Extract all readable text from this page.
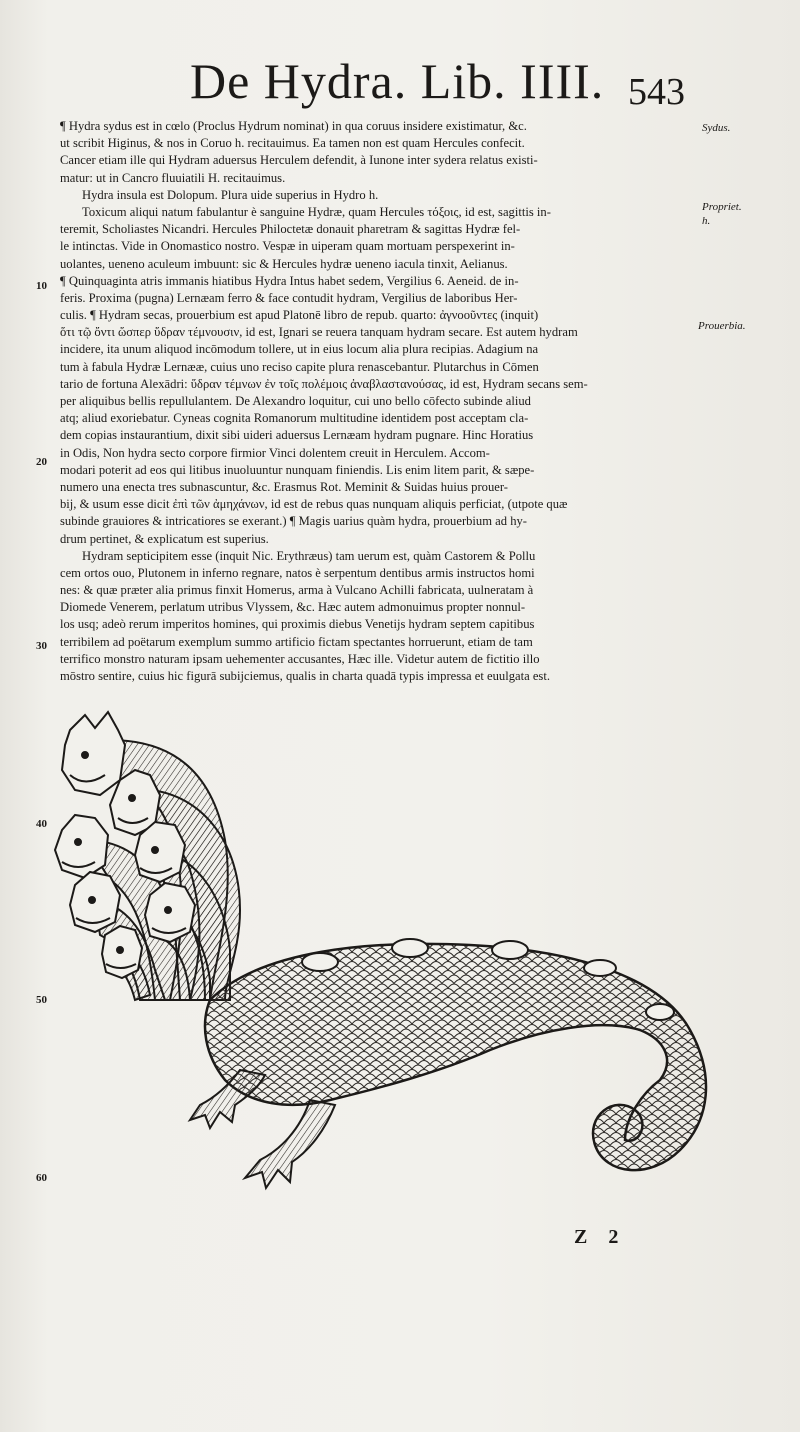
De Hydra. Lib. IIII. 543
Sydus.
Propriet. h.
Prouerbia.
10
20
30
40
50
60
¶ Hydra sydus est in cœlo (Proclus Hydrum nominat) in qua coruus insidere existimatur, &c.
ut scribit Higinus, & nos in Coruo h. recitauimus. Ea tamen non est quam Hercules confecit.
Cancer etiam ille qui Hydram aduersus Herculem defendit, à Iunone inter sydera relatus existi-
matur: ut in Cancro fluuiatili H. recitauimus.
Hydra insula est Dolopum. Plura uide superius in Hydro h.
Toxicum aliqui natum fabulantur è sanguine Hydræ, quam Hercules τόξοις, id est, sagittis in-
teremit, Scholiastes Nicandri. Hercules Philoctetæ donauit pharetram & sagittas Hydræ fel-
le intinctas. Vide in Onomastico nostro. Vespæ in uiperam quam mortuam perspexerint in-
uolantes, ueneno aculeum imbuunt: sic & Hercules hydræ ueneno iacula tinxit, Aelianus.
¶ Quinquaginta atris immanis hiatibus Hydra Intus habet sedem, Vergilius 6. Aeneid. de in-
feris. Proxima (pugna) Lernæam ferro & face contudit hydram, Vergilius de laboribus Her-
culis. ¶ Hydram secas, prouerbium est apud Platonē libro de repub. quarto: ἀγνοοῦντες (inquit)
ὅτι τῷ ὄντι ὥσπερ ὕδραν τέμνουσιν, id est, Ignari se reuera tanquam hydram secare. Est autem hydram
incidere, ita unum aliquod incōmodum tollere, ut in eius locum alia plura recipias. Adagium na
tum à fabula Hydræ Lernææ, cuius uno reciso capite plura renascebantur. Plutarchus in Cōmen
tario de fortuna Alexādri: ὕδραν τέμνων ἐν τοῖς πολέμοις ἀναβλαστανούσας, id est, Hydram secans sem-
per aliquibus bellis repullulantem. De Alexandro loquitur, cui uno bello cōfecto subinde aliud
atq; aliud exoriebatur. Cyneas cognita Romanorum multitudine identidem post acceptam cla-
dem copias instaurantium, dixit sibi uideri aduersus Lernæam hydram pugnare. Hinc Horatius
in Odis, Non hydra secto corpore firmior Vinci dolentem creuit in Herculem. Accom-
modari poterit ad eos qui litibus inuoluuntur nunquam finiendis. Lis enim litem parit, & sæpe-
numero una enecta tres subnascuntur, &c. Erasmus Rot. Meminit & Suidas huius prouer-
bij, & usum esse dicit ἐπὶ τῶν ἀμηχάνων, id est de rebus quas nunquam aliquis perficiat, (utpote quæ
subinde grauiores & intricatiores se exerant.) ¶ Magis uarius quàm hydra, prouerbium ad hy-
drum pertinet, & explicatum est superius.
Hydram septicipitem esse (inquit Nic. Erythræus) tam uerum est, quàm Castorem & Pollu
cem ortos ouo, Plutonem in inferno regnare, natos è serpentum dentibus armis instructos homi
nes: & quæ præter alia primus finxit Homerus, arma à Vulcano Achilli fabricata, uulneratam à
Diomede Venerem, perlatum utribus Vlyssem, &c. Hæc autem admonuimus propter nonnul-
los usq; adeò rerum imperitos homines, qui proximis diebus Venetijs hydram septem capitibus
terribilem ad poëtarum exemplum summo artificio fictam spectantes horruerunt, etiam de tam
terrifico monstro naturam ipsam uehementer accusantes, Hæc ille. Videtur autem de fictitio illo
mōstro sentire, cuius hic figurā subijciemus, qualis in charta quadā typis impressa et euulgata est.
Z 2
